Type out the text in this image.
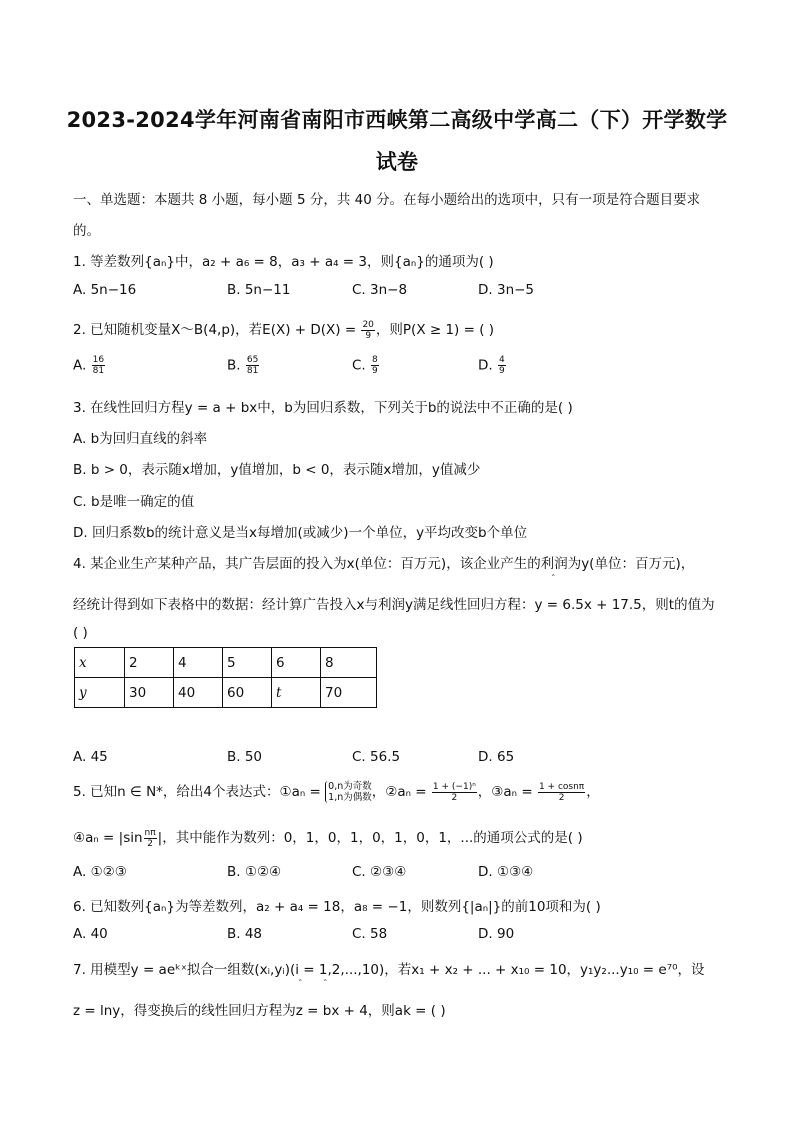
2023-2024学年河南省南阳市西峡第二高级中学高二（下）开学数学
试卷
一、单选题：本题共 8 小题，每小题 5 分，共 40 分。在每小题给出的选项中，只有一项是符合题目要求
的。
1. 等差数列{aₙ}中，a₂ + a₆ = 8，a₃ + a₄ = 3，则{aₙ}的通项为( )
A. 5n−16	B. 5n−11	C. 3n−8	D. 3n−5
2. 已知随机变量X～B(4,p)，若$E(X) + D(X) = \frac{20}{9}$ ，则P(X ≥ 1) = ( )
A. $\frac{16}{81}$	B. $\frac{65}{81}$	C. $\frac{8}{9}$	D. $\frac{4}{9}$
3. 在线性回归方程y = a + bx中，b为回归系数，下列关于b的说法中不正确的是( )
A. b为回归直线的斜率
B. b > 0，表示随x增加，y值增加，b < 0，表示随x增加，y值减少
C. b是唯一确定的值
D. 回归系数b的统计意义是当x每增加(或减少)一个单位，y平均改变b个单位
4. 某企业生产某种产品，其广告层面的投入为x(单位：百万元)，该企业产生的利润为y(单位：百万元)，
ˆ
经统计得到如下表格中的数据：经计算广告投入x与利润y满足线性回归方程：y = 6.5x + 17.5，则t的值为
( )
x	2	4	5	6	8
y	30	40	60	t	70
A. 45	B. 50	C. 56.5	D. 65
5. 已知n ∈ N*，给出4个表达式：①aₙ = 0,n为奇数
1,n为偶数 ，②aₙ = $\frac{\text{1 + (−1)ⁿ}}{2}$ ，③aₙ = $\frac{1 + \cos n\pi}{2}$ ，
④aₙ = $|\sin \frac{n\pi}{2}$ |，其中能作为数列：0，1，0，1，0，1，0，1，...的通项公式的是( )
A. ①②③	B. ①②④	C. ②③④	D. ①③④
6. 已知数列{aₙ}为等差数列，a₂ + a₄ = 18，a₈ = −1，则数列{|aₙ|}的前10项和为( )
A. 40	B. 48	C. 58	D. 90
7. 用模型y = aeᵏˣ拟合一组数(xᵢ,yᵢ)(i = 1,2,...,10)，若x₁ + x₂ + ... + x₁₀ = 10，y₁y₂...y₁₀ = e⁷⁰，设
ˆ ˆ
z = lny，得变换后的线性回归方程为z = bx + 4，则ak = ( )
